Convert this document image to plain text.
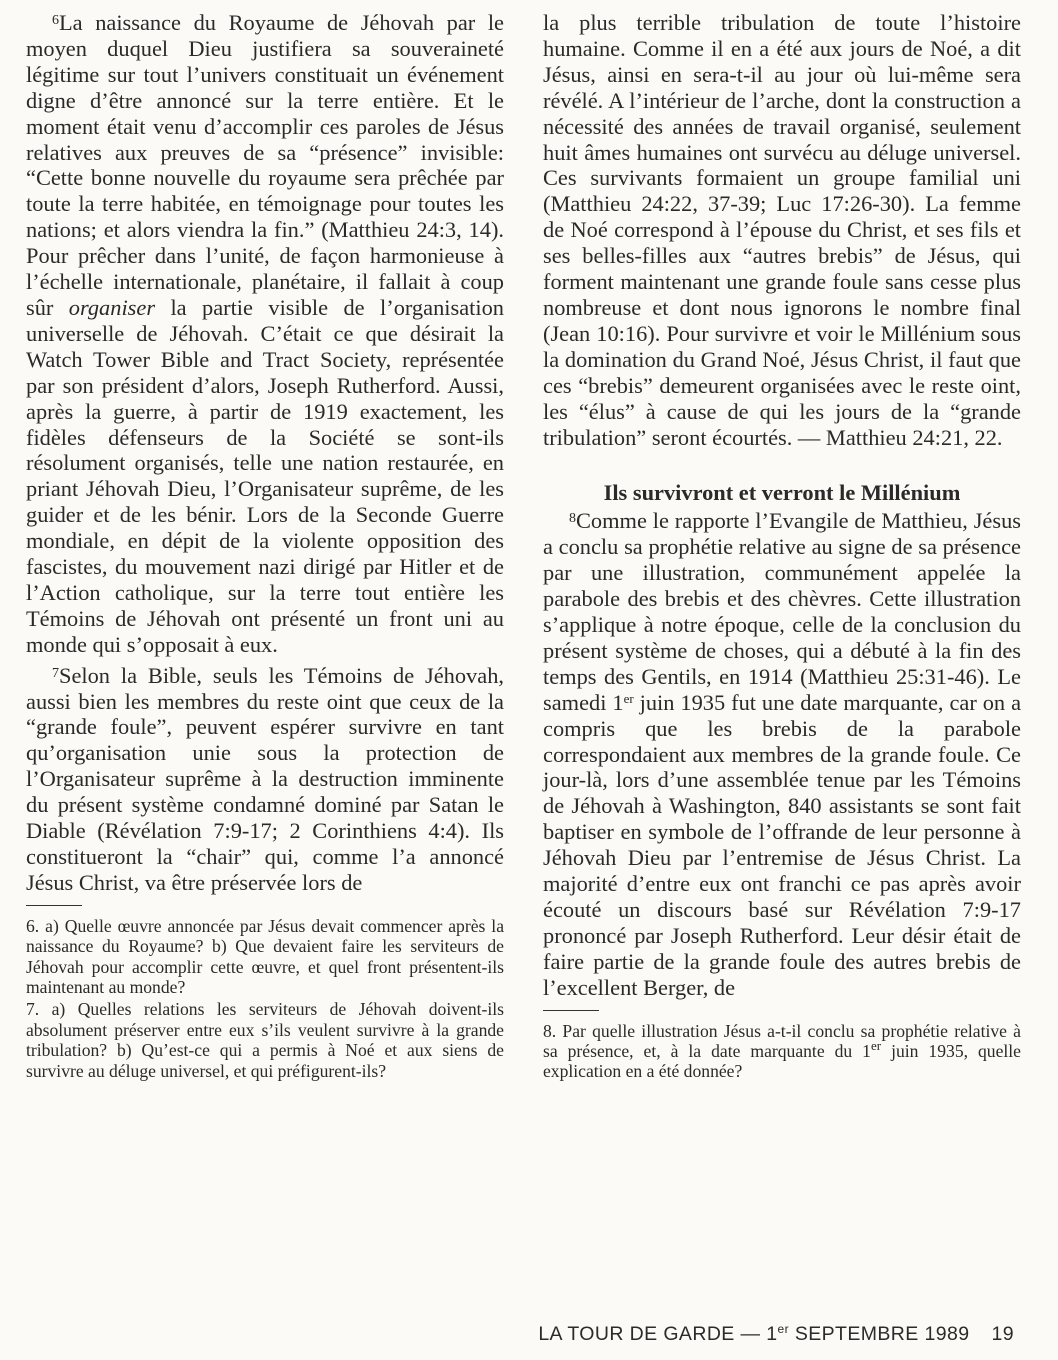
$^6$La naissance du Royaume de Jéhovah par le moyen duquel Dieu justifiera sa souveraineté légitime sur tout l’univers constituait un événement digne d’être annoncé sur la terre entière. Et le moment était venu d’accomplir ces paroles de Jésus relatives aux preuves de sa “présence” invisible: “Cette bonne nouvelle du royaume sera prêchée par toute la terre habitée, en témoignage pour toutes les nations; et alors viendra la fin.” (Matthieu 24:3, 14). Pour prêcher dans l’unité, de façon harmonieuse à l’échelle internationale, planétaire, il fallait à coup sûr organiser la partie visible de l’organisation universelle de Jéhovah. C’était ce que désirait la Watch Tower Bible and Tract Society, représentée par son président d’alors, Joseph Rutherford. Aussi, après la guerre, à partir de 1919 exactement, les fidèles défenseurs de la Société se sont-ils résolument organisés, telle une nation restaurée, en priant Jéhovah Dieu, l’Organisateur suprême, de les guider et de les bénir. Lors de la Seconde Guerre mondiale, en dépit de la violente opposition des fascistes, du mouvement nazi dirigé par Hitler et de l’Action catholique, sur la terre tout entière les Témoins de Jéhovah ont présenté un front uni au monde qui s’opposait à eux.

$^7$Selon la Bible, seuls les Témoins de Jéhovah, aussi bien les membres du reste oint que ceux de la “grande foule”, peuvent espérer survivre en tant qu’organisation unie sous la protection de l’Organisateur suprême à la destruction imminente du présent système condamné dominé par Satan le Diable (Révélation 7:9-17; 2 Corinthiens 4:4). Ils constitueront la “chair” qui, comme l’a annoncé Jésus Christ, va être préservée lors de

6. a) Quelle œuvre annoncée par Jésus devait commencer après la naissance du Royaume? b) Que devaient faire les serviteurs de Jéhovah pour accomplir cette œuvre, et quel front présentent-ils maintenant au monde?

7. a) Quelles relations les serviteurs de Jéhovah doivent-ils absolument préserver entre eux s’ils veulent survivre à la grande tribulation? b) Qu’est-ce qui a permis à Noé et aux siens de survivre au déluge universel, et qui préfigurent-ils?

la plus terrible tribulation de toute l’histoire humaine. Comme il en a été aux jours de Noé, a dit Jésus, ainsi en sera-t-il au jour où lui-même sera révélé. A l’intérieur de l’arche, dont la construction a nécessité des années de travail organisé, seulement huit âmes humaines ont survécu au déluge universel. Ces survivants formaient un groupe familial uni (Matthieu 24:22, 37-39; Luc 17:26-30). La femme de Noé correspond à l’épouse du Christ, et ses fils et ses belles-filles aux “autres brebis” de Jésus, qui forment maintenant une grande foule sans cesse plus nombreuse et dont nous ignorons le nombre final (Jean 10:16). Pour survivre et voir le Millénium sous la domination du Grand Noé, Jésus Christ, il faut que ces “brebis” demeurent organisées avec le reste oint, les “élus” à cause de qui les jours de la “grande tribulation” seront écourtés. — Matthieu 24:21, 22.

Ils survivront et verront le Millénium

$^8$Comme le rapporte l’Evangile de Matthieu, Jésus a conclu sa prophétie relative au signe de sa présence par une illustration, communément appelée la parabole des brebis et des chèvres. Cette illustration s’applique à notre époque, celle de la conclusion du présent système de choses, qui a débuté à la fin des temps des Gentils, en 1914 (Matthieu 25:31-46). Le samedi 1er juin 1935 fut une date marquante, car on a compris que les brebis de la parabole correspondaient aux membres de la grande foule. Ce jour-là, lors d’une assemblée tenue par les Témoins de Jéhovah à Washington, 840 assistants se sont fait baptiser en symbole de l’offrande de leur personne à Jéhovah Dieu par l’entremise de Jésus Christ. La majorité d’entre eux ont franchi ce pas après avoir écouté un discours basé sur Révélation 7:9-17 prononcé par Joseph Rutherford. Leur désir était de faire partie de la grande foule des autres brebis de l’excellent Berger, de

8. Par quelle illustration Jésus a-t-il conclu sa prophétie relative à sa présence, et, à la date marquante du 1er juin 1935, quelle explication en a été donnée?

LA TOUR DE GARDE — 1er SEPTEMBRE 1989 19
